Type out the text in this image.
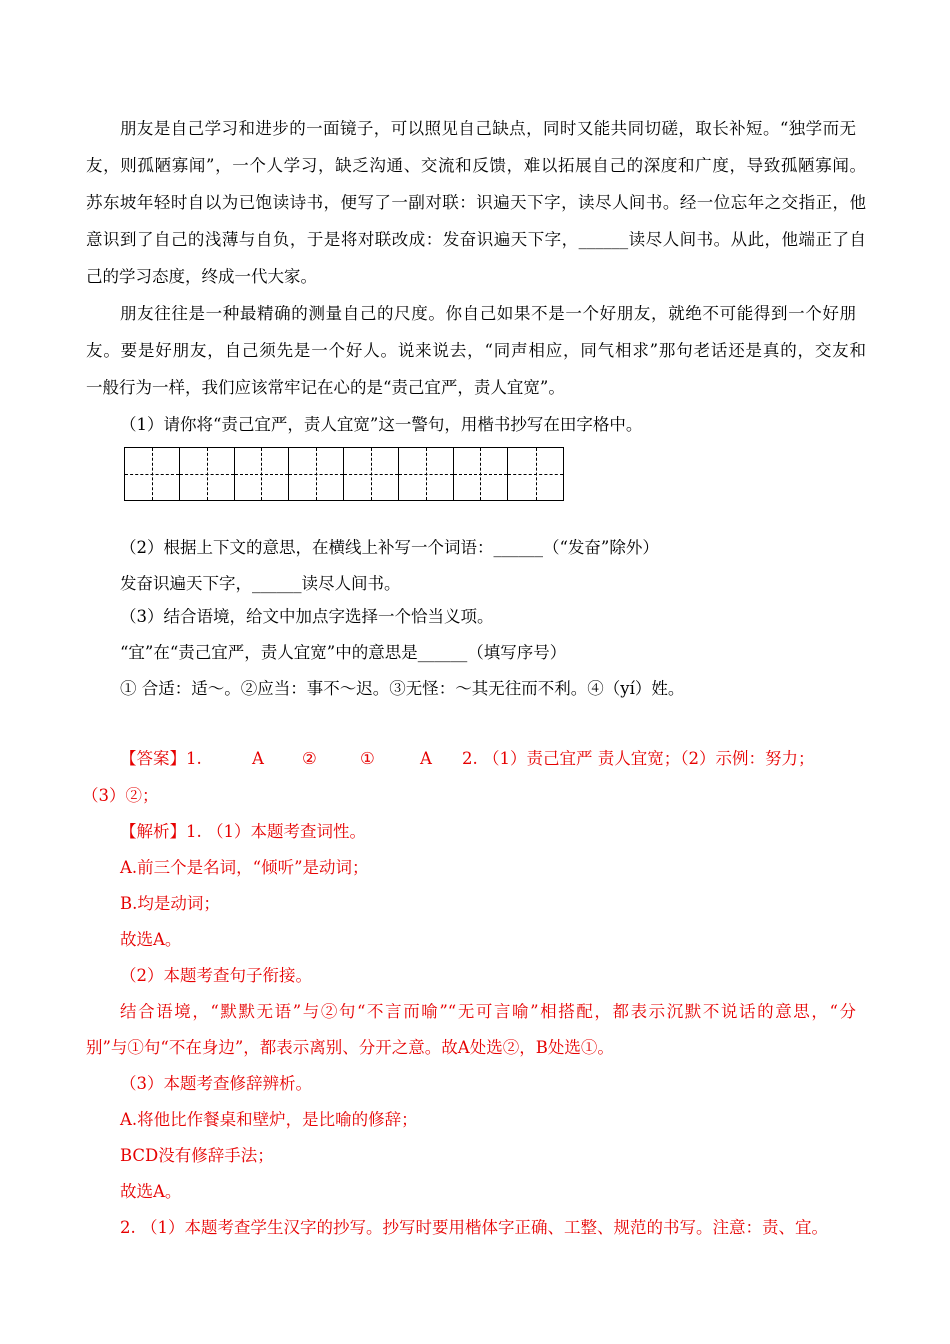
朋友是自己学习和进步的一面镜子，可以照见自己缺点，同时又能共同切磋，取长补短。“独学而无
友，则孤陋寡闻”，一个人学习，缺乏沟通、交流和反馈，难以拓展自己的深度和广度，导致孤陋寡闻。
苏东坡年轻时自以为已饱读诗书，便写了一副对联：识遍天下字，读尽人间书。经一位忘年之交指正，他
意识到了自己的浅薄与自负，于是将对联改成：发奋识遍天下字，______读尽人间书。从此，他端正了自
己的学习态度，终成一代大家。
朋友往往是一种最精确的测量自己的尺度。你自己如果不是一个好朋友，就绝不可能得到一个好朋
友。要是好朋友，自己须先是一个好人。说来说去，“同声相应，同气相求”那句老话还是真的，交友和
一般行为一样，我们应该常牢记在心的是“责己宜严，责人宜宽”。
（1）请你将“责己宜严，责人宜宽”这一警句，用楷书抄写在田字格中。
（2）根据上下文的意思，在横线上补写一个词语：______（“发奋”除外）
发奋识遍天下字，______读尽人间书。
（3）结合语境，给文中加点字选择一个恰当义项。
“宜”在“责己宜严，责人宜宽”中的意思是______（填写序号）
① 合适：适～。②应当：事不～迟。③无怪：～其无往而不利。④（yí）姓。
【答案】1.	A ②	①	A 2. （1）责己宜严 责人宜宽；（2）示例：努力；
（3）②；
【解析】1. （1）本题考查词性。
A.前三个是名词，“倾听”是动词；
B.均是动词；
故选A。
（2）本题考查句子衔接。
结合语境，“默默无语”与②句“不言而喻”“无可言喻”相搭配，都表示沉默不说话的意思，“分
别”与①句“不在身边”，都表示离别、分开之意。故A处选②，B处选①。
（3）本题考查修辞辨析。
A.将他比作餐桌和壁炉，是比喻的修辞；
BCD没有修辞手法；
故选A。
2. （1）本题考查学生汉字的抄写。抄写时要用楷体字正确、工整、规范的书写。注意：责、宜。
